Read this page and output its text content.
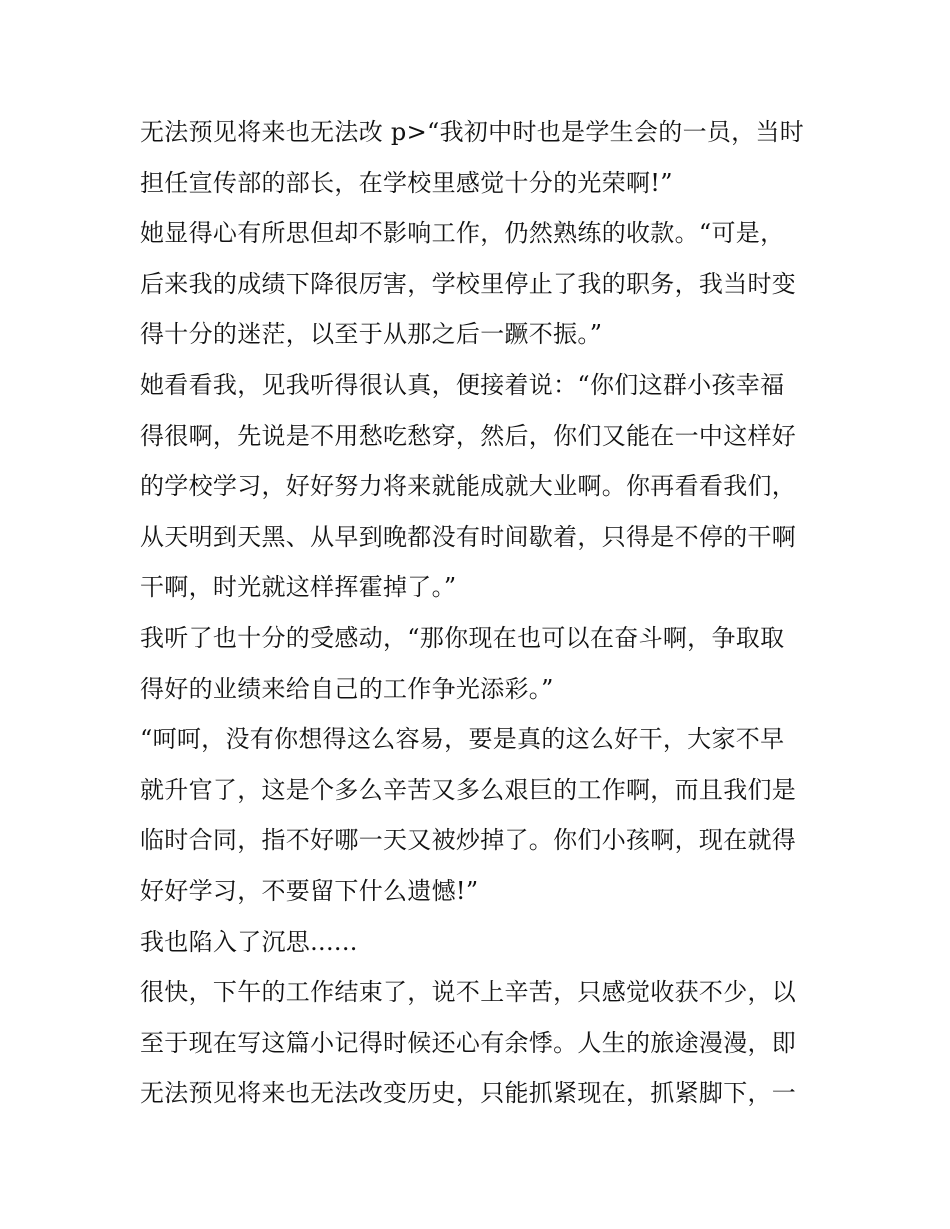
无法预见将来也无法改 p>“我初中时也是学生会的一员，当时
担任宣传部的部长，在学校里感觉十分的光荣啊!”
她显得心有所思但却不影响工作，仍然熟练的收款。“可是，
后来我的成绩下降很厉害，学校里停止了我的职务，我当时变
得十分的迷茫，以至于从那之后一蹶不振。”
她看看我，见我听得很认真，便接着说：“你们这群小孩幸福
得很啊，先说是不用愁吃愁穿，然后，你们又能在一中这样好
的学校学习，好好努力将来就能成就大业啊。你再看看我们，
从天明到天黑、从早到晚都没有时间歇着，只得是不停的干啊
干啊，时光就这样挥霍掉了。”
我听了也十分的受感动，“那你现在也可以在奋斗啊，争取取
得好的业绩来给自己的工作争光添彩。”
“呵呵，没有你想得这么容易，要是真的这么好干，大家不早
就升官了，这是个多么辛苦又多么艰巨的工作啊，而且我们是
临时合同，指不好哪一天又被炒掉了。你们小孩啊，现在就得
好好学习，不要留下什么遗憾!”
我也陷入了沉思......
很快，下午的工作结束了，说不上辛苦，只感觉收获不少，以
至于现在写这篇小记得时候还心有余悸。人生的旅途漫漫，即
无法预见将来也无法改变历史，只能抓紧现在，抓紧脚下，一
